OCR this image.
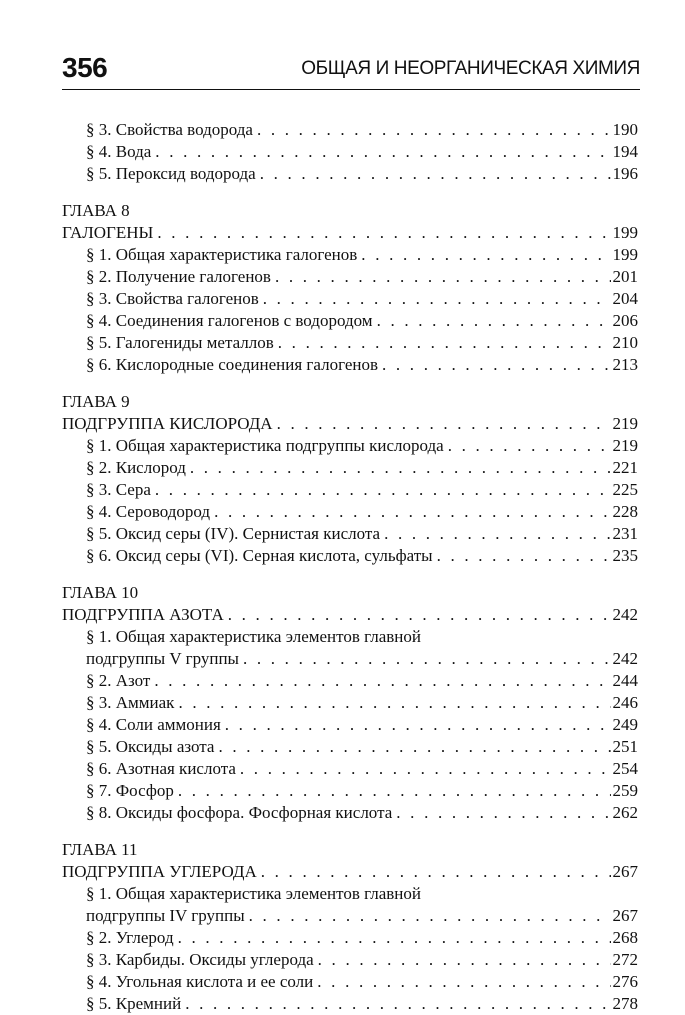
356	ОБЩАЯ И НЕОРГАНИЧЕСКАЯ ХИМИЯ
§ 3. Свойства водорода . . .	190
§ 4. Вода . . .	194
§ 5. Пероксид водорода . . .	196
ГЛАВА 8
ГАЛОГЕНЫ . . .	199
§ 1. Общая характеристика галогенов . . .	199
§ 2. Получение галогенов . . .	201
§ 3. Свойства галогенов . . .	204
§ 4. Соединения галогенов с водородом . . .	206
§ 5. Галогениды металлов . . .	210
§ 6. Кислородные соединения галогенов . . .	213
ГЛАВА 9
ПОДГРУППА КИСЛОРОДА . . .	219
§ 1. Общая характеристика подгруппы кислорода . . .	219
§ 2. Кислород . . .	221
§ 3. Сера . . .	225
§ 4. Сероводород . . .	228
§ 5. Оксид серы (IV). Сернистая кислота . . .	231
§ 6. Оксид серы (VI). Серная кислота, сульфаты . . .	235
ГЛАВА 10
ПОДГРУППА АЗОТА . . .	242
§ 1. Общая характеристика элементов главной
подгруппы V группы . . .	242
§ 2. Азот . . .	244
§ 3. Аммиак . . .	246
§ 4. Соли аммония . . .	249
§ 5. Оксиды азота . . .	251
§ 6. Азотная кислота . . .	254
§ 7. Фосфор . . .	259
§ 8. Оксиды фосфора. Фосфорная кислота . . .	262
ГЛАВА 11
ПОДГРУППА УГЛЕРОДА . . .	267
§ 1. Общая характеристика элементов главной
подгруппы IV группы . . .	267
§ 2. Углерод . . .	268
§ 3. Карбиды. Оксиды углерода . . .	272
§ 4. Угольная кислота и ее соли . . .	276
§ 5. Кремний . . .	278
